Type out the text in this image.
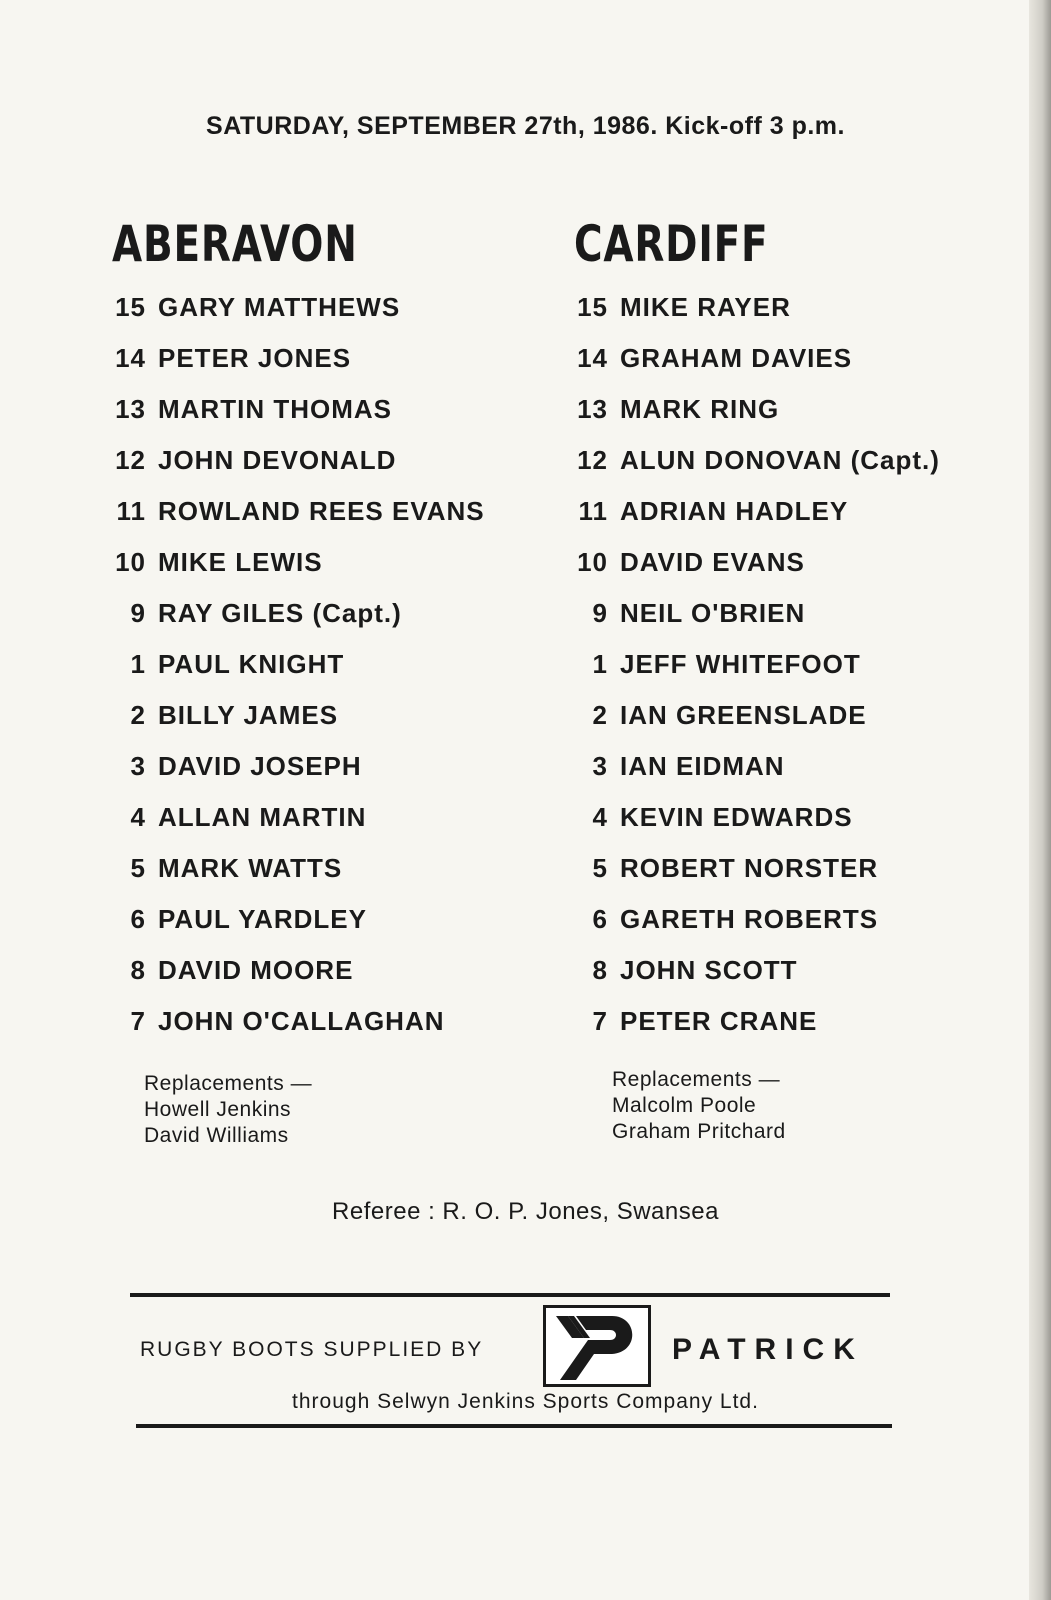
SATURDAY, SEPTEMBER 27th, 1986. Kick-off 3 p.m.
ABERAVON
15 GARY MATTHEWS
14 PETER JONES
13 MARTIN THOMAS
12 JOHN DEVONALD
11 ROWLAND REES EVANS
10 MIKE LEWIS
9 RAY GILES (Capt.)
1 PAUL KNIGHT
2 BILLY JAMES
3 DAVID JOSEPH
4 ALLAN MARTIN
5 MARK WATTS
6 PAUL YARDLEY
8 DAVID MOORE
7 JOHN O'CALLAGHAN
Replacements —
Howell Jenkins
David Williams
CARDIFF
15 MIKE RAYER
14 GRAHAM DAVIES
13 MARK RING
12 ALUN DONOVAN (Capt.)
11 ADRIAN HADLEY
10 DAVID EVANS
9 NEIL O'BRIEN
1 JEFF WHITEFOOT
2 IAN GREENSLADE
3 IAN EIDMAN
4 KEVIN EDWARDS
5 ROBERT NORSTER
6 GARETH ROBERTS
8 JOHN SCOTT
7 PETER CRANE
Replacements —
Malcolm Poole
Graham Pritchard
Referee : R. O. P. Jones, Swansea
RUGBY BOOTS SUPPLIED BY	PATRICK
through Selwyn Jenkins Sports Company Ltd.
